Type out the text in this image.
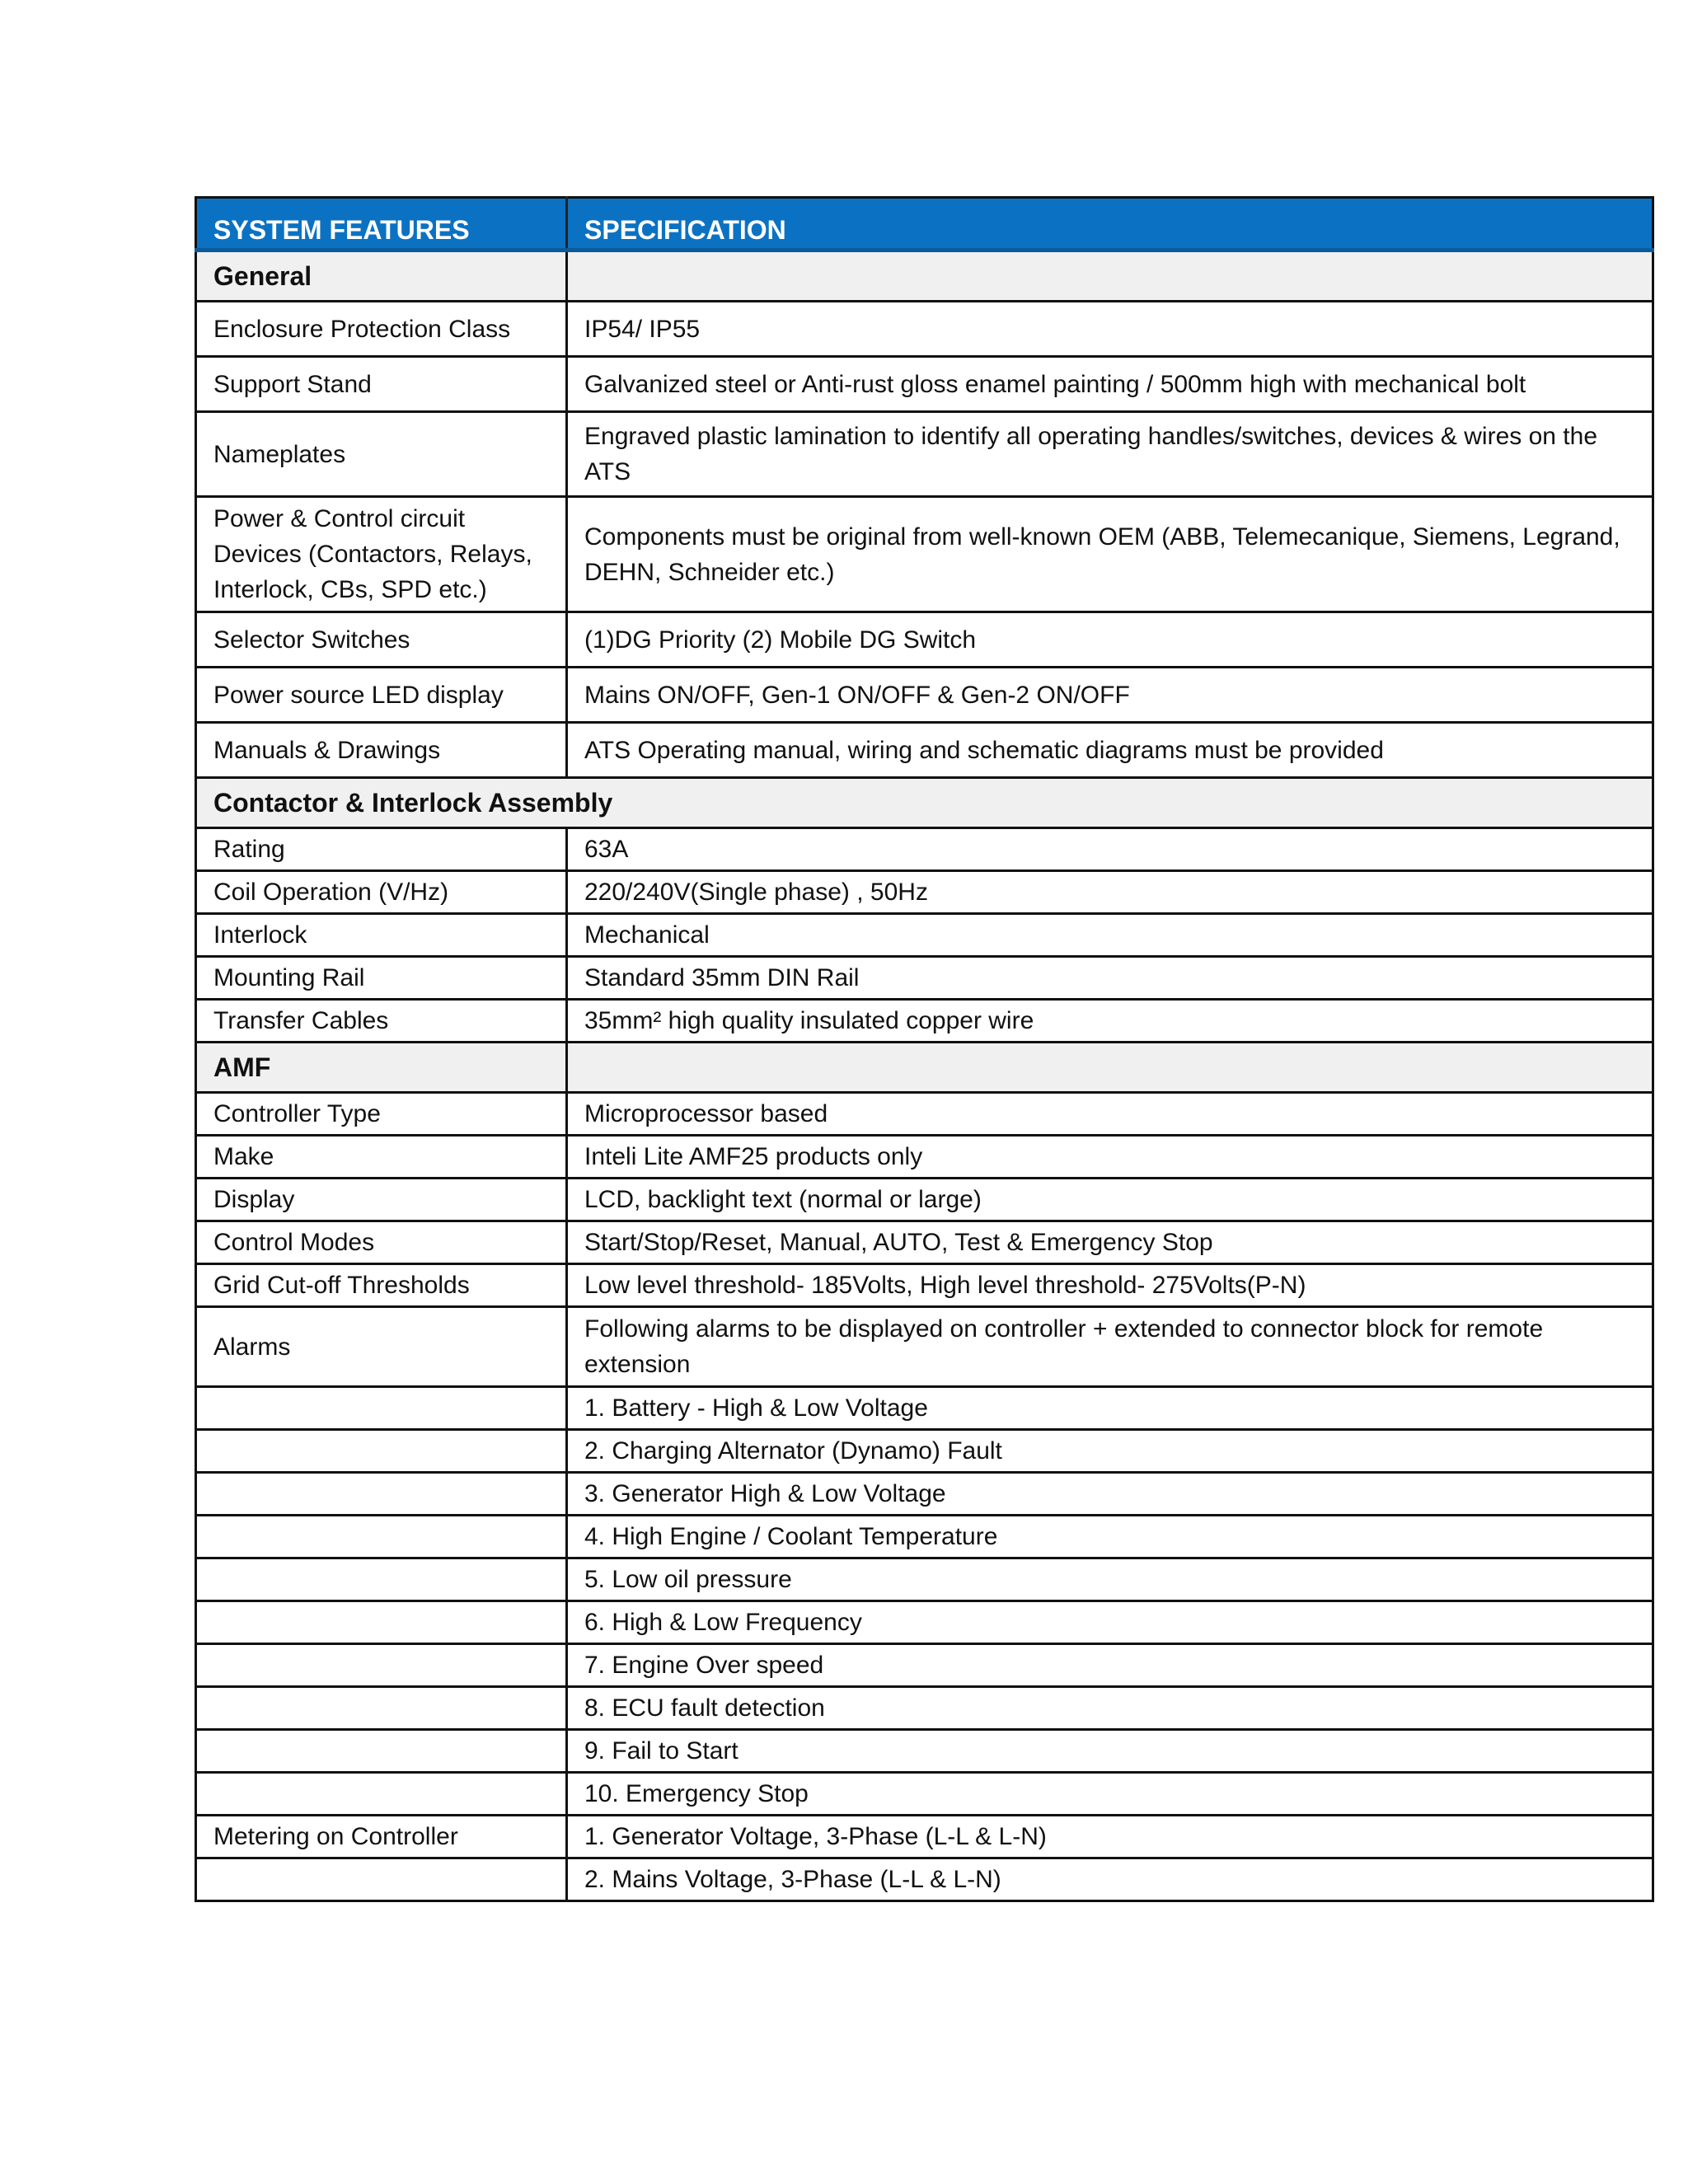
SYSTEM FEATURES	SPECIFICATION
General	
Enclosure Protection Class	IP54/ IP55
Support Stand	Galvanized steel or Anti-rust gloss enamel painting / 500mm high with mechanical bolt
Nameplates	Engraved plastic lamination to identify all operating handles/switches, devices & wires on the ATS
Power & Control circuit Devices (Contactors, Relays, Interlock, CBs, SPD etc.)	Components must be original from well-known OEM (ABB, Telemecanique, Siemens, Legrand, DEHN, Schneider etc.)
Selector Switches	(1)DG Priority (2) Mobile DG Switch
Power source LED display	Mains ON/OFF, Gen-1 ON/OFF & Gen-2 ON/OFF
Manuals & Drawings	ATS Operating manual, wiring and schematic diagrams must be provided
Contactor & Interlock Assembly	
Rating	63A
Coil Operation (V/Hz)	220/240V(Single phase) , 50Hz
Interlock	Mechanical
Mounting Rail	Standard 35mm DIN Rail
Transfer Cables	35mm² high quality insulated copper wire
AMF	
Controller Type	Microprocessor based
Make	Inteli Lite AMF25 products only
Display	LCD, backlight text (normal or large)
Control Modes	Start/Stop/Reset, Manual, AUTO, Test & Emergency Stop
Grid Cut-off Thresholds	Low level threshold- 185Volts, High level threshold- 275Volts(P-N)
Alarms	Following alarms to be displayed on controller + extended to connector block for remote extension
	1. Battery - High & Low Voltage
	2. Charging Alternator (Dynamo) Fault
	3. Generator High & Low Voltage
	4. High Engine / Coolant Temperature
	5. Low oil pressure
	6. High & Low Frequency
	7. Engine Over speed
	8. ECU fault detection
	9. Fail to Start
	10. Emergency Stop
Metering on Controller	1. Generator Voltage, 3-Phase (L-L & L-N)
	2. Mains Voltage, 3-Phase (L-L & L-N)
